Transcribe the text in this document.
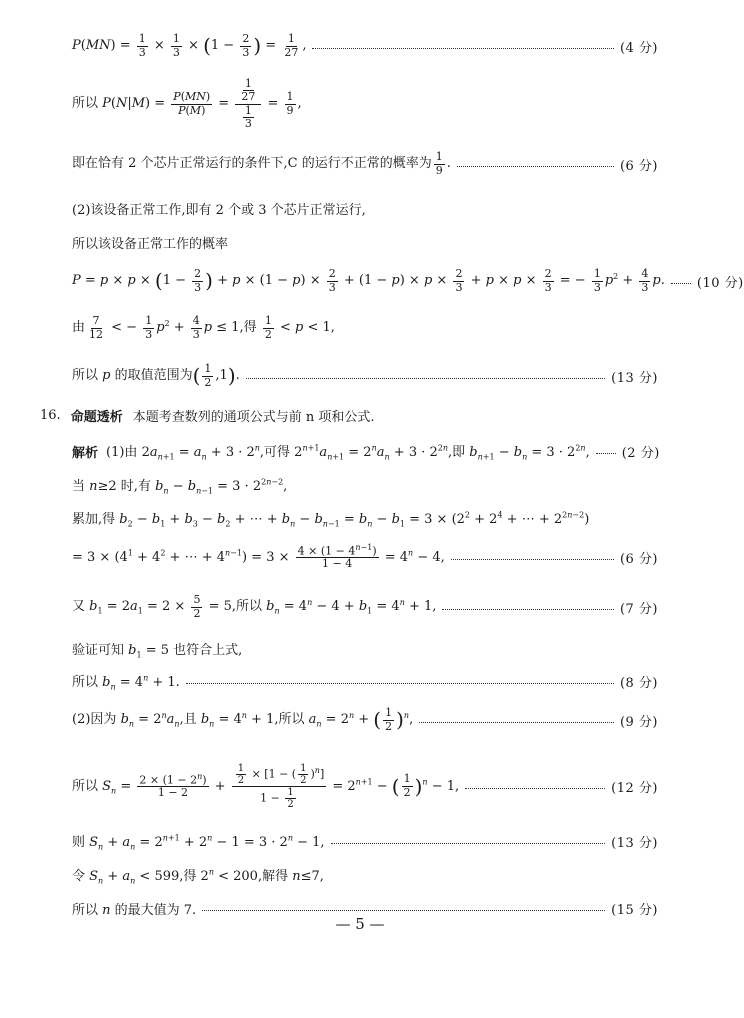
$P(MN) = \frac{1}{3} \times \frac{1}{3} \times (1 - \frac{2}{3}$ ) = $\frac{1}{27}$ ,	(4 分)
所以 $P(N|M) = \frac{P(MN)}{P(M)} = \frac{\frac{1}{27}}{\frac{1}{3}} = \frac{1}{9}$ ,
即在恰有 2 个芯片正常运行的条件下,C 的运行不正常的概率为 $\frac{1}{9}$ .	(6 分)
(2)该设备正常工作,即有 2 个或 3 个芯片正常运行,
所以该设备正常工作的概率
$P = p \times p \times (1 - \frac{2}{3}$ ) + $p \times (1 - p) \times \frac{2}{3} + (1 - p) \times p \times \frac{2}{3} + p \times p \times \frac{2}{3}$ = − $\frac{1}{3} p^2 + \frac{4}{3} p$. (10 分)
由 $\frac{7}{12}$ < − $\frac{1}{3} p^2 + \frac{4}{3}$ p ≤ 1,得 $\frac{1}{2} < p < 1$,
所以 p 的取值范围为( $\frac{1}{2} ,1$).	(13 分)
16. 命题透析 本题考查数列的通项公式与前 n 项和公式.
解析 (1)由 $2a_{n+1} = a_n + 3 \cdot 2^n$,可得 $2^{n+1}a_{n+1} = 2^na_n + 3 \cdot 2^{2n}$,即 $b_{n+1} - b_n = 3 \cdot 2^{2n}$, (2 分)
当 n≥2 时,有 $b_n - b_{n-1} = 3 \cdot 2^{2n-2}$,
累加,得 $b_2 - b_1 + b_3 - b_2$ + ⋯ + $b_n - b_{n-1} = b_n - b_1 = 3 \times (2^2 + 2^4$ + ⋯ + $2^{2n-2}$)
= $3 \times (4^1 + 4^2$ + ⋯ + $4^{n-1}) = 3 \times \frac{4 \times (1 - 4^{n-1})}{1 - 4} = 4^n - 4$,	(6 分)
又 $b_1 = 2a_1 = 2 \times \frac{5}{2} = 5$,所以 $b_n = 4^n - 4 + b_1 = 4^n + 1$,	(7 分)
验证可知 $b_1 = 5$ 也符合上式,
所以 $b_n = 4^n + 1$.	(8 分)
(2)因为 $b_n = 2^na_n$,且 $b_n = 4^n + 1$,所以 $a_n = 2^n$ + ( $\frac{1}{2} )^n$,	(9 分)
所以 $S_n = \frac{2 \times (1 - 2^n)}{1 - 2} + \frac{\frac{1}{2} \times [1 - ( \frac{1}{2} )^n]}{1 - \frac{1}{2}} = 2^{n+1}$ − ( $\frac{1}{2} )^n - 1$,	(12 分)
则 $S_n + a_n = 2^{n+1} + 2^n - 1 = 3 \cdot 2^n - 1$,	(13 分)
令 $S_n + a_n < 599$,得 $2^n < 200$,解得 n≤7,
所以 n 的最大值为 7.	(15 分)
— 5 —
